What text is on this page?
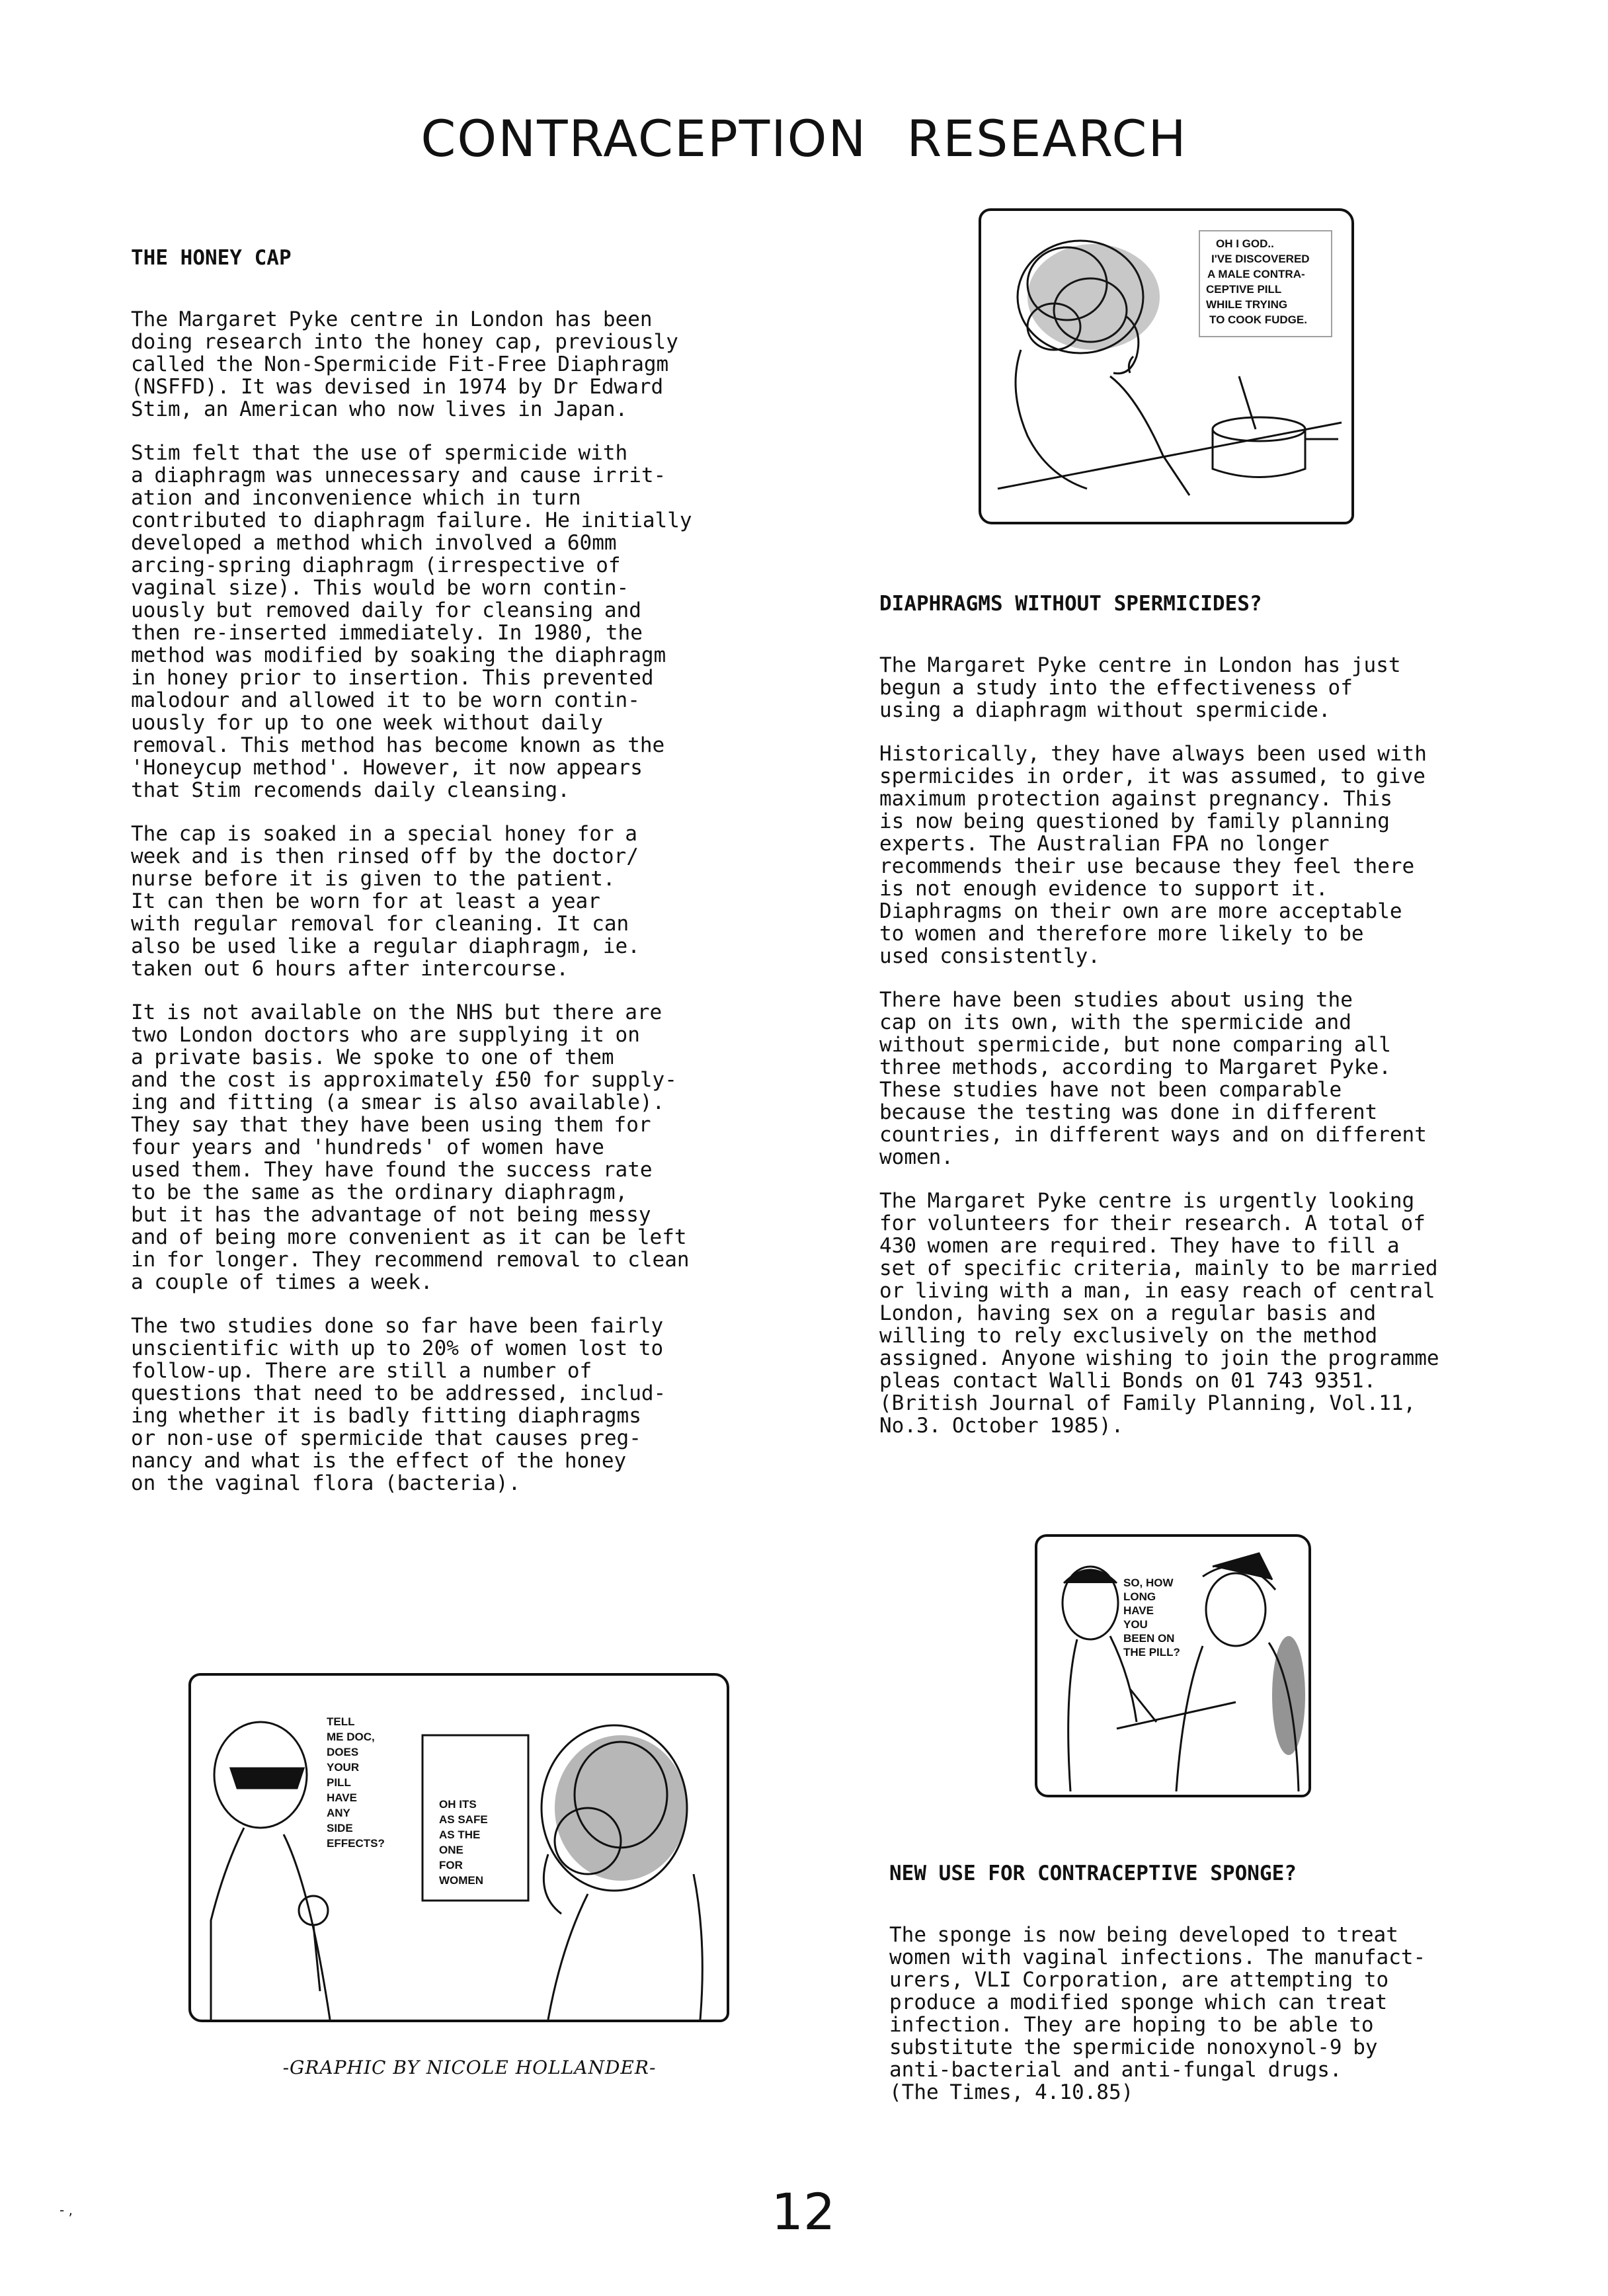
CONTRACEPTION RESEARCH
THE HONEY CAP

The Margaret Pyke centre in London has been
doing research into the honey cap, previously
called the Non-Spermicide Fit-Free Diaphragm
(NSFFD). It was devised in 1974 by Dr Edward
Stim, an American who now lives in Japan.

Stim felt that the use of spermicide with
a diaphragm was unnecessary and cause irrit-
ation and inconvenience which in turn
contributed to diaphragm failure. He initially
developed a method which involved a 60mm
arcing-spring diaphragm (irrespective of
vaginal size). This would be worn contin-
uously but removed daily for cleansing and
then re-inserted immediately. In 1980, the
method was modified by soaking the diaphragm
in honey prior to insertion. This prevented
malodour and allowed it to be worn contin-
uously for up to one week without daily
removal. This method has become known as the
'Honeycup method'. However, it now appears
that Stim recomends daily cleansing.

The cap is soaked in a special honey for a
week and is then rinsed off by the doctor/
nurse before it is given to the patient.
It can then be worn for at least a year
with regular removal for cleaning. It can
also be used like a regular diaphragm, ie.
taken out 6 hours after intercourse.

It is not available on the NHS but there are
two London doctors who are supplying it on
a private basis. We spoke to one of them
and the cost is approximately £50 for supply-
ing and fitting (a smear is also available).
They say that they have been using them for
four years and 'hundreds' of women have
used them. They have found the success rate
to be the same as the ordinary diaphragm,
but it has the advantage of not being messy
and of being more convenient as it can be left
in for longer. They recommend removal to clean
a couple of times a week.

The two studies done so far have been fairly
unscientific with up to 20% of women lost to
follow-up. There are still a number of
questions that need to be addressed, includ-
ing whether it is badly fitting diaphragms
or non-use of spermicide that causes preg-
nancy and what is the effect of the honey
on the vaginal flora (bacteria).

DIAPHRAGMS WITHOUT SPERMICIDES?

The Margaret Pyke centre in London has just
begun a study into the effectiveness of
using a diaphragm without spermicide.

Historically, they have always been used with
spermicides in order, it was assumed, to give
maximum protection against pregnancy. This
is now being questioned by family planning
experts. The Australian FPA no longer
recommends their use because they feel there
is not enough evidence to support it.
Diaphragms on their own are more acceptable
to women and therefore more likely to be
used consistently.

There have been studies about using the
cap on its own, with the spermicide and
without spermicide, but none comparing all
three methods, according to Margaret Pyke.
These studies have not been comparable
because the testing was done in different
countries, in different ways and on different
women.

The Margaret Pyke centre is urgently looking
for volunteers for their research. A total of
430 women are required. They have to fill a
set of specific criteria, mainly to be married
or living with a man, in easy reach of central
London, having sex on a regular basis and
willing to rely exclusively on the method
assigned. Anyone wishing to join the programme
pleas contact Walli Bonds on 01 743 9351.
(British Journal of Family Planning, Vol.11,
No.3. October 1985).

NEW USE FOR CONTRACEPTIVE SPONGE?

The sponge is now being developed to treat
women with vaginal infections. The manufact-
urers, VLI Corporation, are attempting to
produce a modified sponge which can treat
infection. They are hoping to be able to
substitute the spermicide nonoxynol-9 by
anti-bacterial and anti-fungal drugs.
(The Times, 4.10.85)

OH I GOD..
I'VE DISCOVERED
A MALE CONTRA-
CEPTIVE PILL
WHILE TRYING
TO COOK FUDGE.
TELL
ME DOC,
DOES
YOUR
PILL
HAVE
ANY
SIDE
EFFECTS?
OH ITS
AS SAFE
AS THE
ONE
FOR
WOMEN
SO, HOW
LONG
HAVE
YOU
BEEN ON
THE PILL?
-GRAPHIC BY NICOLE HOLLANDER-
- ,	12
